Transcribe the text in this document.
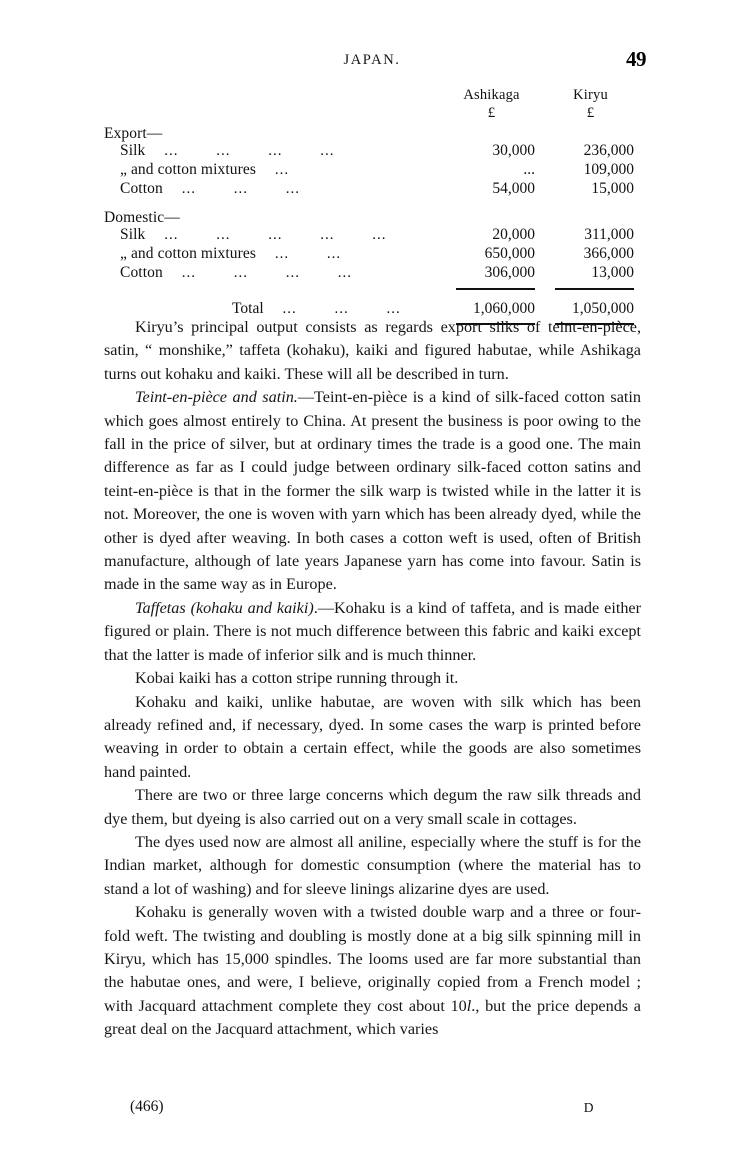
JAPAN.	49
	Ashikaga	Kiryu
	£	£
Export—		
Silk ... ... ... ...	30,000	236,000
„ and cotton mixtures ...	...	109,000
Cotton ... ... ...	54,000	15,000

Domestic—		
Silk ... ... ... ... ...	20,000	311,000
„ and cotton mixtures ... ...	650,000	366,000
Cotton ... ... ... ...	306,000	13,000

Total ... ... ...	1,060,000	1,050,000

Kiryu’s principal output consists as regards export silks of teint-en-pièce, satin, “ monshike,” taffeta (kohaku), kaiki and figured habutae, while Ashikaga turns out kohaku and kaiki. These will all be described in turn.

Teint-en-pièce and satin.—Teint-en-pièce is a kind of silk-faced cotton satin which goes almost entirely to China. At present the business is poor owing to the fall in the price of silver, but at ordinary times the trade is a good one. The main difference as far as I could judge between ordinary silk-faced cotton satins and teint-en-pièce is that in the former the silk warp is twisted while in the latter it is not. Moreover, the one is woven with yarn which has been already dyed, while the other is dyed after weaving. In both cases a cotton weft is used, often of British manufacture, although of late years Japanese yarn has come into favour. Satin is made in the same way as in Europe.

Taffetas (kohaku and kaiki).—Kohaku is a kind of taffeta, and is made either figured or plain. There is not much difference between this fabric and kaiki except that the latter is made of inferior silk and is much thinner.

Kobai kaiki has a cotton stripe running through it.

Kohaku and kaiki, unlike habutae, are woven with silk which has been already refined and, if necessary, dyed. In some cases the warp is printed before weaving in order to obtain a certain effect, while the goods are also sometimes hand painted.

There are two or three large concerns which degum the raw silk threads and dye them, but dyeing is also carried out on a very small scale in cottages.

The dyes used now are almost all aniline, especially where the stuff is for the Indian market, although for domestic consumption (where the material has to stand a lot of washing) and for sleeve linings alizarine dyes are used.

Kohaku is generally woven with a twisted double warp and a three or four-fold weft. The twisting and doubling is mostly done at a big silk spinning mill in Kiryu, which has 15,000 spindles. The looms used are far more substantial than the habutae ones, and were, I believe, originally copied from a French model ; with Jacquard attachment complete they cost about 10l., but the price depends a great deal on the Jacquard attachment, which varies

(466)	D
